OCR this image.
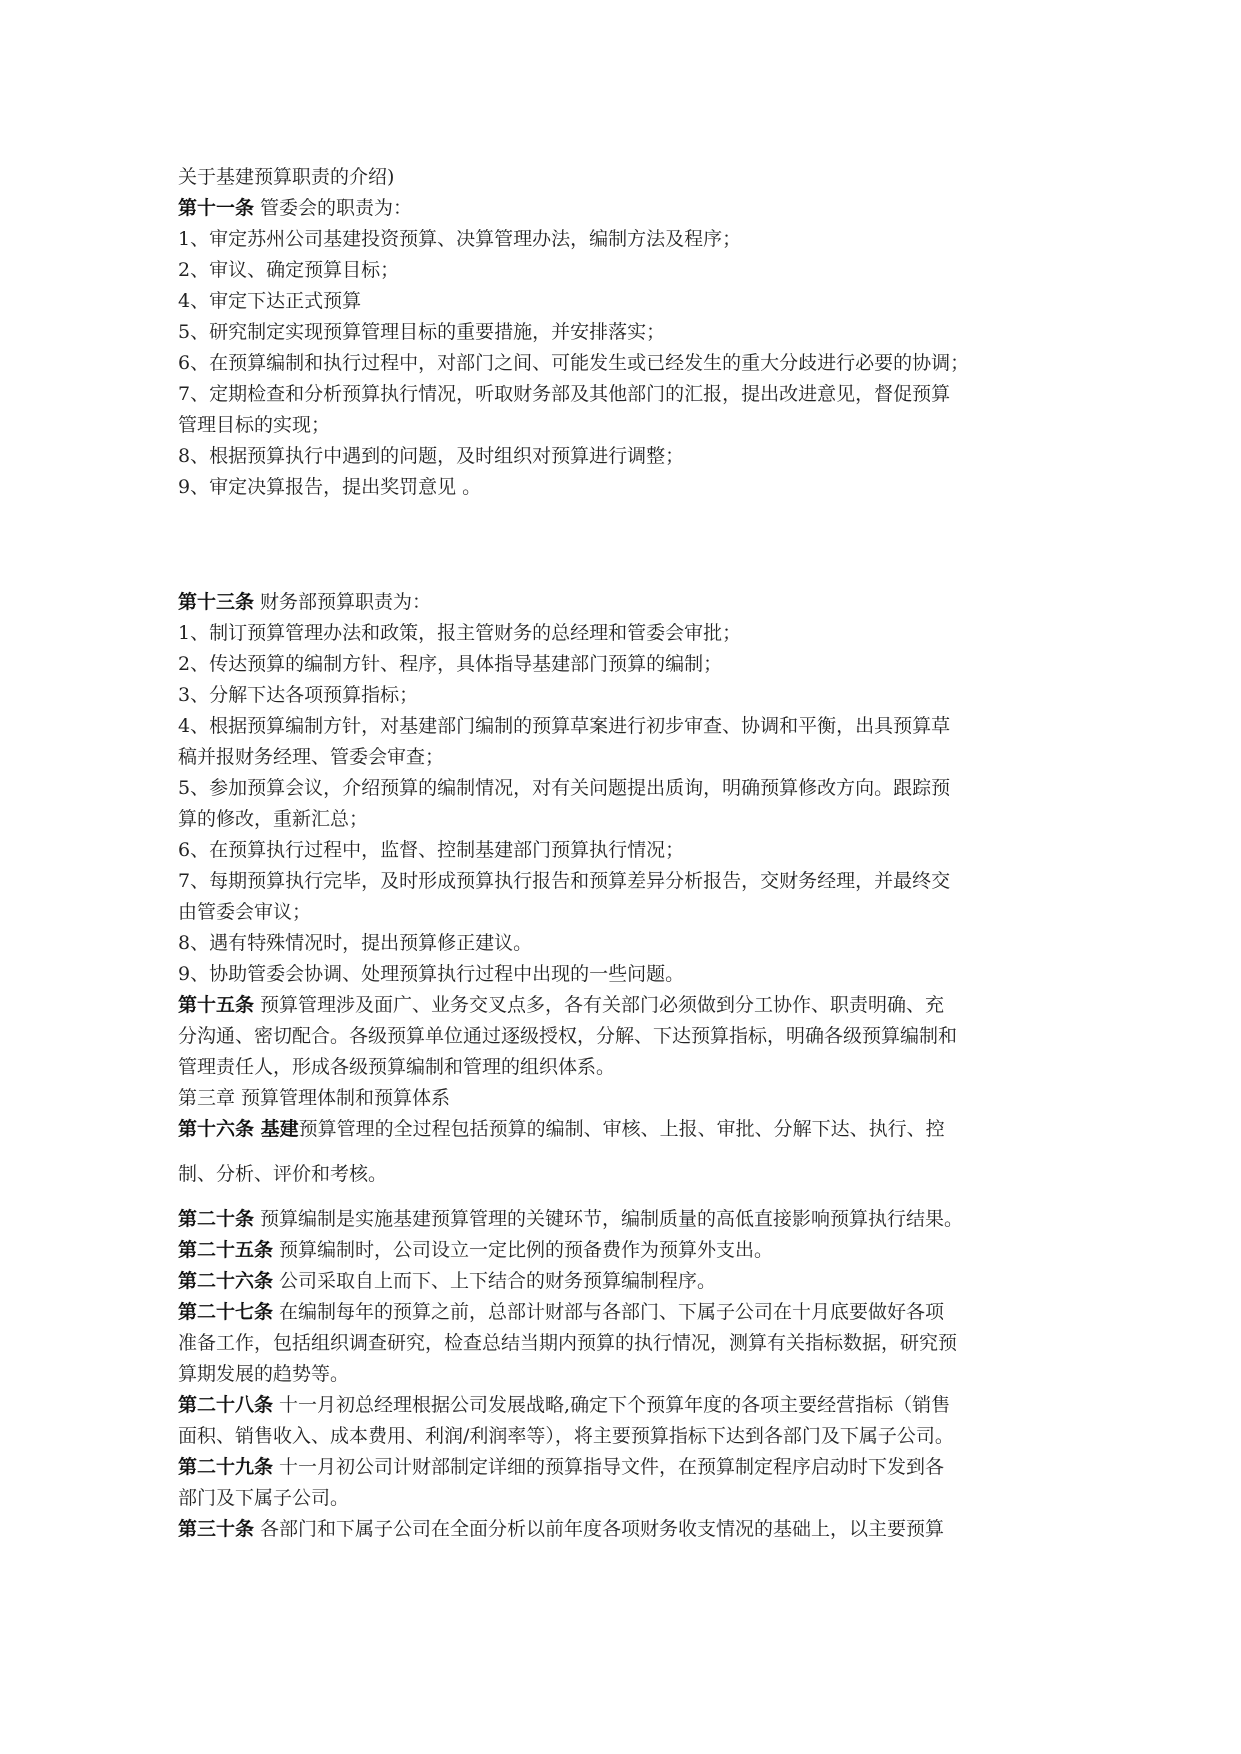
关于基建预算职责的介绍)
第十一条 管委会的职责为：
1、审定苏州公司基建投资预算、决算管理办法，编制方法及程序；
2、审议、确定预算目标；
4、审定下达正式预算
5、研究制定实现预算管理目标的重要措施，并安排落实；
6、在预算编制和执行过程中，对部门之间、可能发生或已经发生的重大分歧进行必要的协调；
7、定期检查和分析预算执行情况，听取财务部及其他部门的汇报，提出改进意见，督促预算
管理目标的实现；
8、根据预算执行中遇到的问题，及时组织对预算进行调整；
9、审定决算报告，提出奖罚意见 。
第十三条 财务部预算职责为：
1、制订预算管理办法和政策，报主管财务的总经理和管委会审批；
2、传达预算的编制方针、程序，具体指导基建部门预算的编制；
3、分解下达各项预算指标；
4、根据预算编制方针，对基建部门编制的预算草案进行初步审查、协调和平衡，出具预算草
稿并报财务经理、管委会审查；
5、参加预算会议，介绍预算的编制情况，对有关问题提出质询，明确预算修改方向。跟踪预
算的修改，重新汇总；
6、在预算执行过程中，监督、控制基建部门预算执行情况；
7、每期预算执行完毕，及时形成预算执行报告和预算差异分析报告，交财务经理，并最终交
由管委会审议；
8、遇有特殊情况时，提出预算修正建议。
9、协助管委会协调、处理预算执行过程中出现的一些问题。
第十五条 预算管理涉及面广、业务交叉点多，各有关部门必须做到分工协作、职责明确、充
分沟通、密切配合。各级预算单位通过逐级授权，分解、下达预算指标，明确各级预算编制和
管理责任人，形成各级预算编制和管理的组织体系。
第三章 预算管理体制和预算体系
第十六条 基建预算管理的全过程包括预算的编制、审核、上报、审批、分解下达、执行、控
制、分析、评价和考核。
第二十条 预算编制是实施基建预算管理的关键环节，编制质量的高低直接影响预算执行结果。
第二十五条 预算编制时，公司设立一定比例的预备费作为预算外支出。
第二十六条 公司采取自上而下、上下结合的财务预算编制程序。
第二十七条 在编制每年的预算之前，总部计财部与各部门、下属子公司在十月底要做好各项
准备工作，包括组织调查研究，检查总结当期内预算的执行情况，测算有关指标数据，研究预
算期发展的趋势等。
第二十八条 十一月初总经理根据公司发展战略,确定下个预算年度的各项主要经营指标（销售
面积、销售收入、成本费用、利润/利润率等），将主要预算指标下达到各部门及下属子公司。
第二十九条 十一月初公司计财部制定详细的预算指导文件，在预算制定程序启动时下发到各
部门及下属子公司。
第三十条 各部门和下属子公司在全面分析以前年度各项财务收支情况的基础上，以主要预算
